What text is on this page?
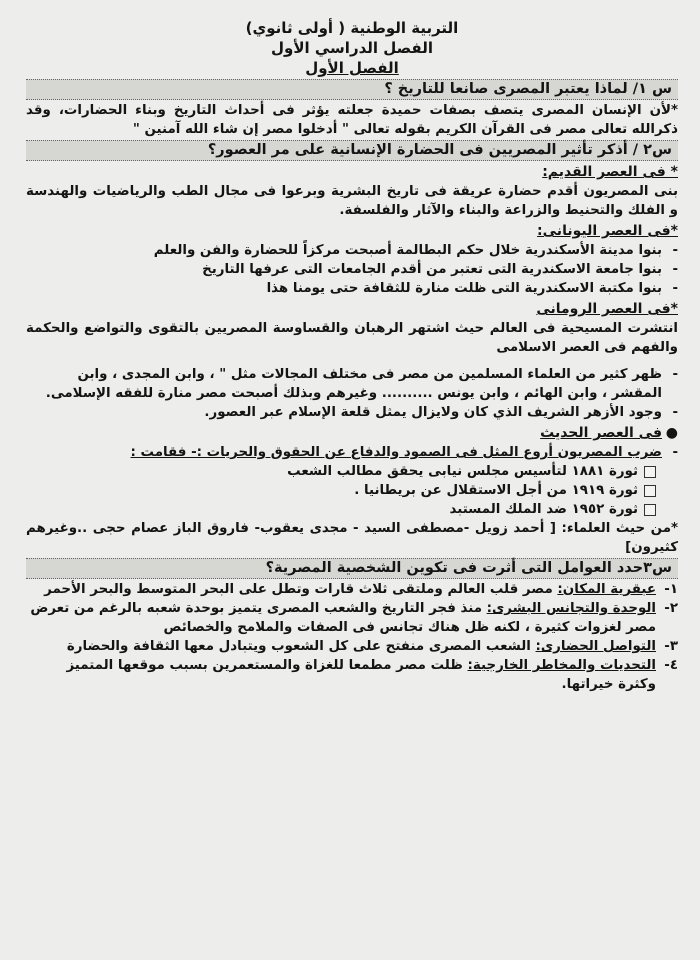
التربية الوطنية ( أولى ثانوي)
الفصل الدراسي الأول
الفصل الأول
س ١/ لماذا يعتبر المصرى صانعا للتاريخ ؟
*لأن الإنسان المصرى يتصف بصفات حميدة جعلته يؤثر فى أحداث التاريخ وبناء الحضارات، وقد ذكرالله تعالى مصر فى القرآن الكريم بقوله تعالى " أدخلوا مصر إن شاء الله آمنين "
س٢ / أذكر تأثير المصريين فى الحضارة الإنسانية على مر العصور؟
* فى العصر القديم:
بنى المصريون أقدم حضارة عريقة فى تاريخ البشرية وبرعوا فى مجال الطب والرياضيات والهندسة و الفلك والتحنيط والزراعة والبناء والآثار والفلسفة.
*فى العصر اليونانى:
-
بنوا مدينة الأسكندرية خلال حكم البطالمة أصبحت مركزاً للحضارة والفن والعلم
-
بنوا جامعة الاسكندرية التى تعتبر من أقدم الجامعات التى عرفها التاريخ
-
بنوا مكتبة الاسكندرية التى ظلت منارة للثقافة حتى يومنا هذا
*فى العصر الرومانى
انتشرت المسيحية فى العالم حيث اشتهر الرهبان والقساوسة المصريين بالتقوى والتواضع والحكمة والفهم فى العصر الاسلامى
-
ظهر كثير من العلماء المسلمين من مصر فى مختلف المجالات مثل " ، وابن المجدى ، وابن المقشر ، وابن الهائم ، وابن يونس .......... وغيرهم وبذلك أصبحت مصر منارة للفقه الإسلامى.
-
وجود الأزهر الشريف الذي كان ولايزال يمثل قلعة الإسلام عبر العصور.
●
فى العصر الحديث
-
ضرب المصريون أروع المثل فى الصمود والدفاع عن الحقوق والحريات :- فقامت :
ثورة ١٨٨١ لتأسيس مجلس نيابى يحقق مطالب الشعب
ثورة ١٩١٩ من أجل الاستقلال عن بريطانيا .
ثورة ١٩٥٢ ضد الملك المستبد
*من حيث العلماء: [ أحمد زويل -مصطفى السيد - مجدى يعقوب- فاروق الباز عصام حجى ..وغيرهم كثيرون]
س٣حدد العوامل التى أثرت فى تكوين الشخصية المصرية؟
١-
عبقرية المكان: مصر قلب العالم وملتقى ثلاث قارات وتطل على البحر المتوسط والبحر الأحمر
٢-
الوحدة والتجانس البشرى: منذ فجر التاريخ والشعب المصرى يتميز بوحدة شعبه بالرغم من تعرض مصر لغزوات كثيرة ، لكنه ظل هناك تجانس فى الصفات والملامح والخصائص
٣-
التواصل الحضارى: الشعب المصرى منفتح على كل الشعوب ويتبادل معها الثقافة والحضارة
٤-
التحديات والمخاطر الخارجية: ظلت مصر مطمعا للغزاة والمستعمرين بسبب موقعها المتميز وكثرة خيراتها.
